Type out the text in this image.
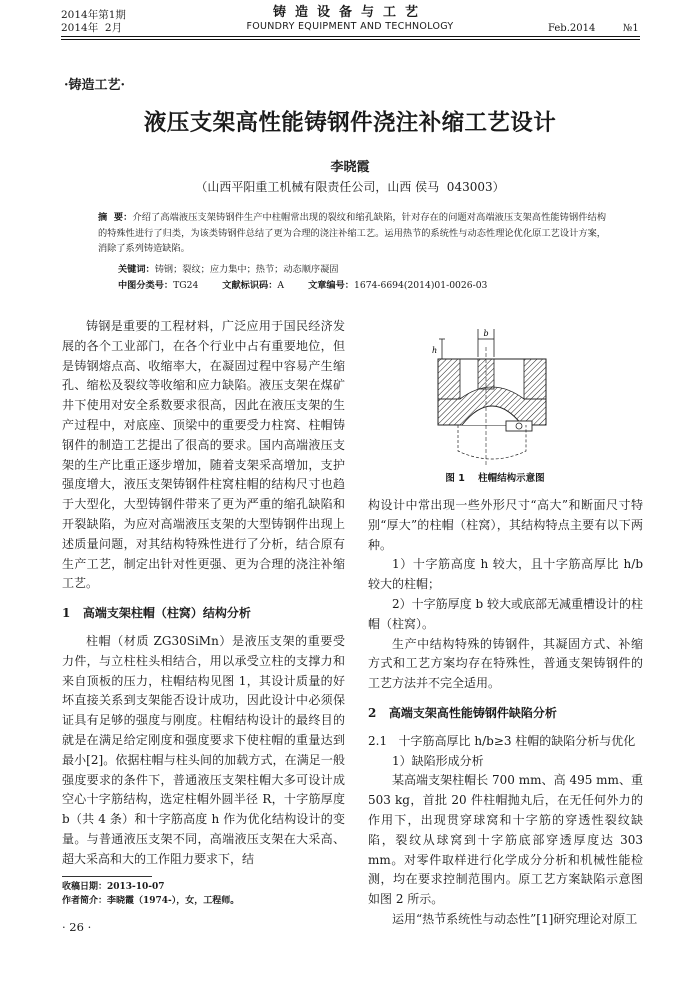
2014年第1期
2014年  2月
铸造设备与工艺
FOUNDRY EQUIPMENT AND TECHNOLOGY	Feb.2014   №1
·铸造工艺·
液压支架高性能铸钢件浇注补缩工艺设计
李晓霞
（山西平阳重工机械有限责任公司，山西 侯马  043003）
摘  要：介绍了高端液压支架铸钢件生产中柱帽常出现的裂纹和缩孔缺陷，针对存在的问题对高端液压支架高性能铸钢件结构的特殊性进行了归类，为该类铸钢件总结了更为合理的浇注补缩工艺。运用热节的系统性与动态性理论优化原工艺设计方案，消除了系列铸造缺陷。
关键词：铸钢；裂纹；应力集中；热节；动态顺序凝固
中图分类号：TG24	文献标识码：A	文章编号：1674-6694(2014)01-0026-03

铸钢是重要的工程材料，广泛应用于国民经济发展的各个工业部门，在各个行业中占有重要地位，但是铸钢熔点高、收缩率大，在凝固过程中容易产生缩孔、缩松及裂纹等收缩和应力缺陷。液压支架在煤矿井下使用对安全系数要求很高，因此在液压支架的生产过程中，对底座、顶梁中的重要受力柱窝、柱帽铸钢件的制造工艺提出了很高的要求。国内高端液压支架的生产比重正逐步增加，随着支架采高增加，支护强度增大，液压支架铸钢件柱窝柱帽的结构尺寸也趋于大型化，大型铸钢件带来了更为严重的缩孔缺陷和开裂缺陷，为应对高端液压支架的大型铸钢件出现上述质量问题，对其结构特殊性进行了分析，结合原有生产工艺，制定出针对性更强、更为合理的浇注补缩工艺。

1   高端支架柱帽（柱窝）结构分析

柱帽（材质 ZG30SiMn）是液压支架的重要受力件，与立柱柱头相结合，用以承受立柱的支撑力和来自顶板的压力，柱帽结构见图 1，其设计质量的好坏直接关系到支架能否设计成功，因此设计中必须保证具有足够的强度与刚度。柱帽结构设计的最终目的就是在满足给定刚度和强度要求下使柱帽的重量达到最小[2]。依据柱帽与柱头间的加载方式，在满足一般强度要求的条件下，普通液压支架柱帽大多可设计成空心十字筋结构，选定柱帽外圆半径 R，十字筋厚度 b（共 4 条）和十字筋高度 h 作为优化结构设计的变量。与普通液压支架不同，高端液压支架在大采高、超大采高和大的工作阻力要求下，结

b
h
图 1    柱帽结构示意图

构设计中常出现一些外形尺寸“高大”和断面尺寸特别“厚大”的柱帽（柱窝），其结构特点主要有以下两种。

1）十字筋高度 h 较大，且十字筋高厚比 h/b 较大的柱帽；

2）十字筋厚度 b 较大或底部无减重槽设计的柱帽（柱窝）。

生产中结构特殊的铸钢件，其凝固方式、补缩方式和工艺方案均存在特殊性，普通支架铸钢件的工艺方法并不完全适用。

2   高端支架高性能铸钢件缺陷分析

2.1   十字筋高厚比 h/b≥3 柱帽的缺陷分析与优化

1）缺陷形成分析

某高端支架柱帽长 700 mm、高 495 mm、重 503 kg，首批 20 件柱帽抛丸后，在无任何外力的作用下，出现贯穿球窝和十字筋的穿透性裂纹缺陷，裂纹从球窝到十字筋底部穿透厚度达 303 mm。对零件取样进行化学成分分析和机械性能检测，均在要求控制范围内。原工艺方案缺陷示意图如图 2 所示。

运用“热节系统性与动态性”[1]研究理论对原工

收稿日期：2013-10-07
作者简介：李晓霞（1974-），女，工程师。
· 26 ·
